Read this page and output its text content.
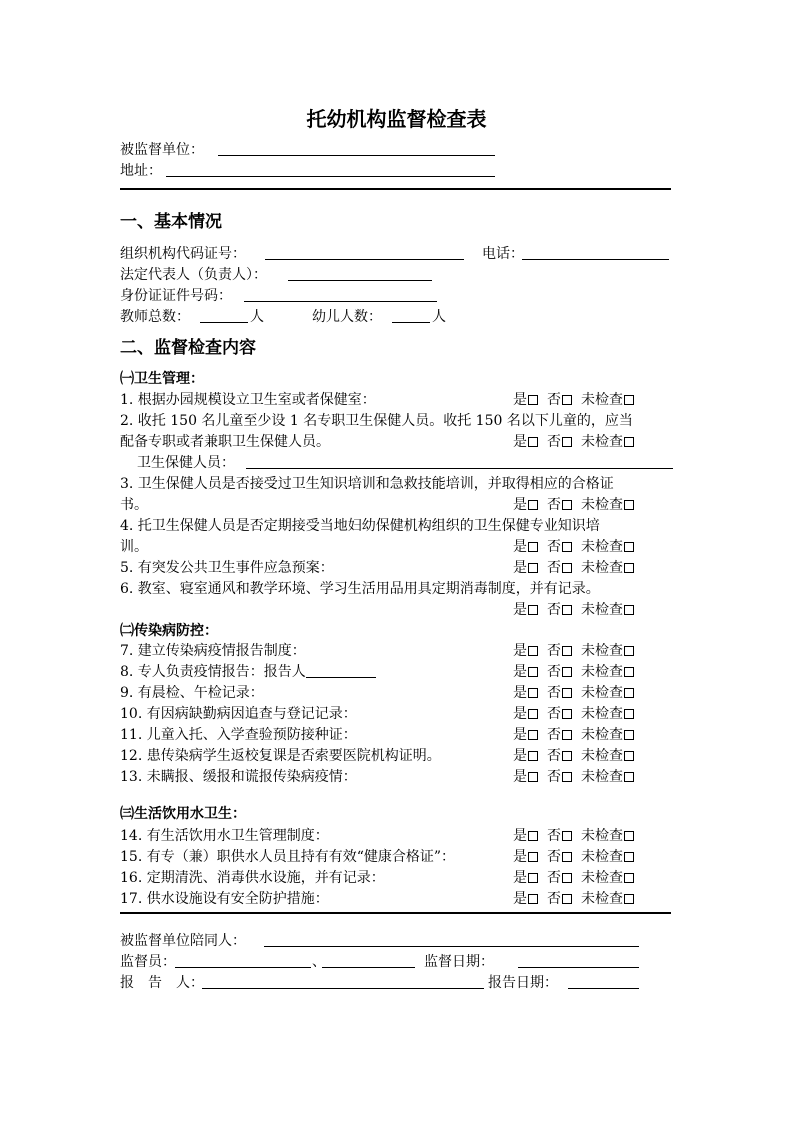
托幼机构监督检查表
被监督单位：
地址：
一、基本情况
组织机构代码证号：	电话：
法定代表人（负责人）：
身份证证件号码：
教师总数：	人	幼儿人数：	人
二、监督检查内容
㈠卫生管理：
1. 根据办园规模设立卫生室或者保健室：	是 否 未检查
2. 收托 150 名儿童至少设 1 名专职卫生保健人员。收托 150 名以下儿童的，应当
配备专职或者兼职卫生保健人员。	是 否 未检查
卫生保健人员：
3. 卫生保健人员是否接受过卫生知识培训和急救技能培训，并取得相应的合格证
书。	是 否 未检查
4. 托卫生保健人员是否定期接受当地妇幼保健机构组织的卫生保健专业知识培
训。	是 否 未检查
5. 有突发公共卫生事件应急预案：	是 否 未检查
6. 教室、寝室通风和教学环境、学习生活用品用具定期消毒制度，并有记录。
是 否 未检查
㈡传染病防控：
7. 建立传染病疫情报告制度：	是 否 未检查
8. 专人负责疫情报告：报告人	是 否 未检查
9. 有晨检、午检记录：	是 否 未检查
10. 有因病缺勤病因追查与登记记录：	是 否 未检查
11. 儿童入托、入学查验预防接种证：	是 否 未检查
12. 患传染病学生返校复课是否索要医院机构证明。	是 否 未检查
13. 未瞒报、缓报和谎报传染病疫情：	是 否 未检查
㈢生活饮用水卫生：
14. 有生活饮用水卫生管理制度：	是 否 未检查
15. 有专（兼）职供水人员且持有有效“健康合格证”：	是 否 未检查
16. 定期清洗、消毒供水设施，并有记录：	是 否 未检查
17. 供水设施设有安全防护措施：	是 否 未检查
被监督单位陪同人：
监督员：	、	监督日期：
报　告　人：	报告日期：
